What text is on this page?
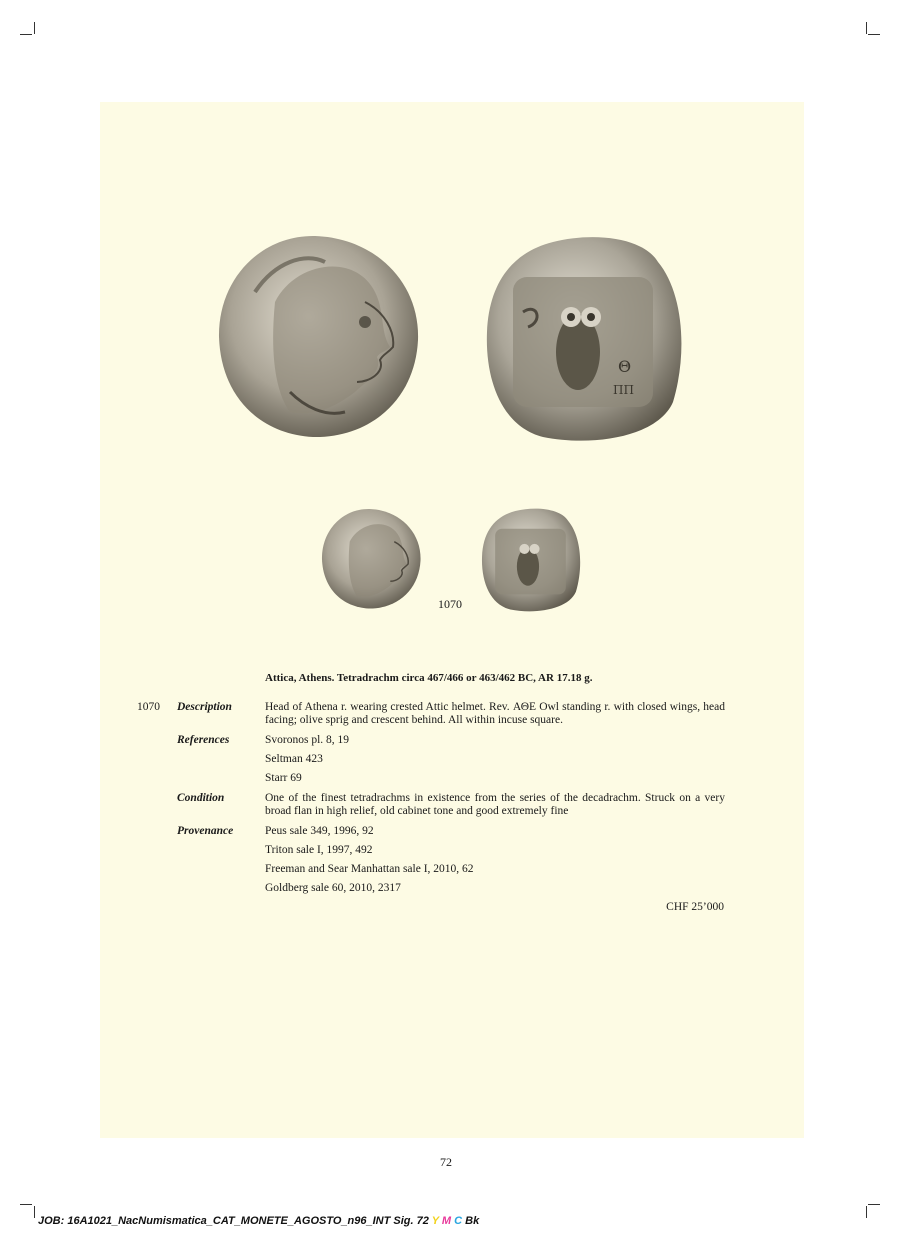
Θ
ΠΠ
1070
Attica, Athens. Tetradrachm circa 467/466 or 463/462 BC, AR 17.18 g.
1070 Description	Head of Athena r. wearing crested Attic helmet. Rev. ΑΘΕ Owl standing r. with closed wings, head facing; olive sprig and crescent behind. All within incuse square.
References	Svoronos pl. 8, 19
Seltman 423
Starr 69
Condition	One of the finest tetradrachms in existence from the series of the decadrachm. Struck on a very broad flan in high relief, old cabinet tone and good extremely fine
Provenance	Peus sale 349, 1996, 92
Triton sale I, 1997, 492
Freeman and Sear Manhattan sale I, 2010, 62
Goldberg sale 60, 2010, 2317
CHF 25’000
72
JOB: 16A1021_NacNumismatica_CAT_MONETE_AGOSTO_n96_INT Sig. 72 Y M C Bk
